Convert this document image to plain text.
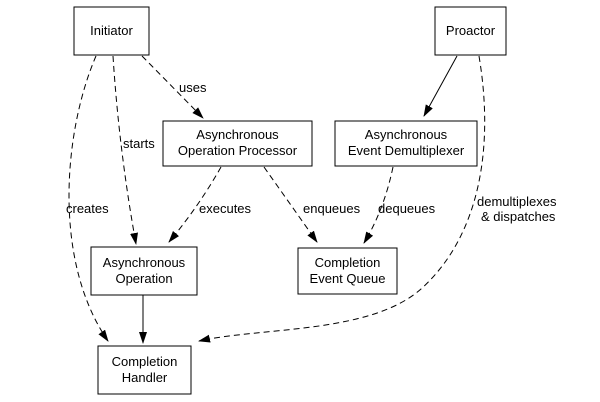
uses
starts
creates	executes	enqueues dequeues	demultiplexes
& dispatches
Initiator	Proactor
Asynchronous
Operation Processor
Asynchronous
Event Demultiplexer
Asynchronous
Operation
Completion
Event Queue
Completion
Handler
